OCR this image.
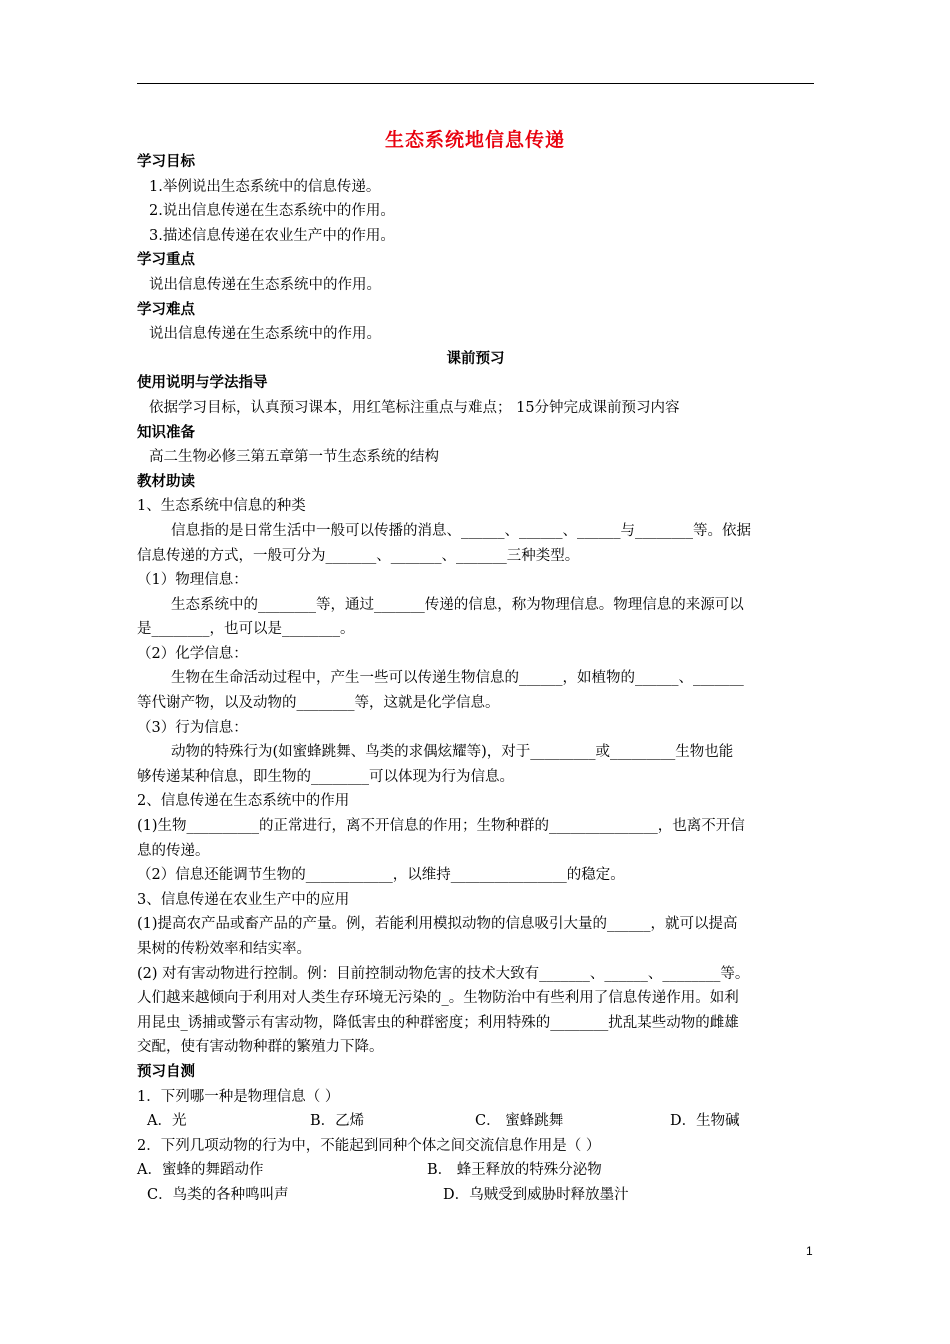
生态系统地信息传递
学习目标
1.举例说出生态系统中的信息传递。
2.说出信息传递在生态系统中的作用。
3.描述信息传递在农业生产中的作用。
学习重点
说出信息传递在生态系统中的作用。
学习难点
说出信息传递在生态系统中的作用。
课前预习
使用说明与学法指导
依据学习目标，认真预习课本，用红笔标注重点与难点； 15分钟完成课前预习内容
知识准备
高二生物必修三第五章第一节生态系统的结构
教材助读
1、生态系统中信息的种类
信息指的是日常生活中一般可以传播的消息、______、______、______与________等。依据
信息传递的方式，一般可分为_______、_______、_______三种类型。
（1）物理信息：
生态系统中的________等，通过_______传递的信息，称为物理信息。物理信息的来源可以
是________，也可以是________。
（2）化学信息：
生物在生命活动过程中，产生一些可以传递生物信息的______，如植物的______、_______
等代谢产物，以及动物的________等，这就是化学信息。
（3）行为信息：
动物的特殊行为(如蜜蜂跳舞、鸟类的求偶炫耀等)，对于_________或_________生物也能
够传递某种信息，即生物的________可以体现为行为信息。
2、信息传递在生态系统中的作用
(1)生物__________的正常进行，离不开信息的作用；生物种群的_______________，也离不开信
息的传递。
（2）信息还能调节生物的____________，以维持________________的稳定。
3、信息传递在农业生产中的应用
(1)提高农产品或畜产品的产量。例，若能利用模拟动物的信息吸引大量的______，就可以提高
果树的传粉效率和结实率。
(2) 对有害动物进行控制。例：目前控制动物危害的技术大致有_______、______、________等。
人们越来越倾向于利用对人类生存环境无污染的_。生物防治中有些利用了信息传递作用。如利
用昆虫_诱捕或警示有害动物，降低害虫的种群密度；利用特殊的________扰乱某些动物的雌雄
交配，使有害动物种群的繁殖力下降。
预习自测
1．下列哪一种是物理信息（ ）
A．光	B．乙烯	C． 蜜蜂跳舞	D．生物碱
2．下列几项动物的行为中，不能起到同种个体之间交流信息作用是（ ）
A．蜜蜂的舞蹈动作	B． 蜂王释放的特殊分泌物
C．鸟类的各种鸣叫声	D．乌贼受到威胁时释放墨汁
1
